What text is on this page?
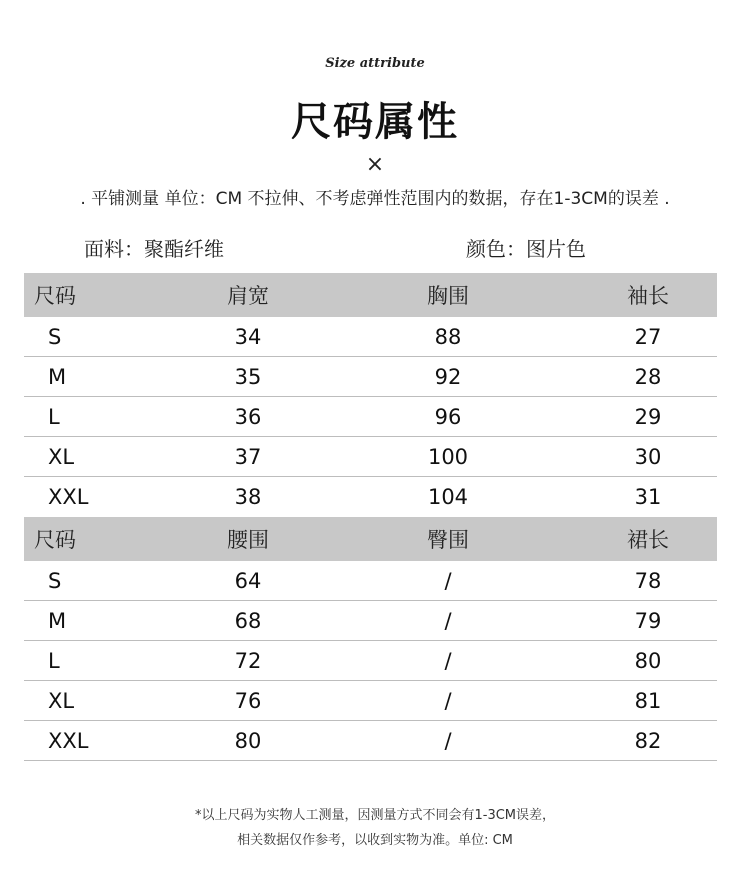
Size attribute
尺码属性
×
. 平铺测量 单位：CM 不拉伸、不考虑弹性范围内的数据，存在1-3CM的误差 .
面料：聚酯纤维	颜色：图片色
尺码	肩宽	胸围	袖长
S	34	88	27
M	35	92	28
L	36	96	29
XL	37	100	30
XXL	38	104	31
尺码	腰围	臀围	裙长
S	64	/	78
M	68	/	79
L	72	/	80
XL	76	/	81
XXL	80	/	82
*以上尺码为实物人工测量，因测量方式不同会有1-3CM误差，
相关数据仅作参考，以收到实物为准。单位: CM
